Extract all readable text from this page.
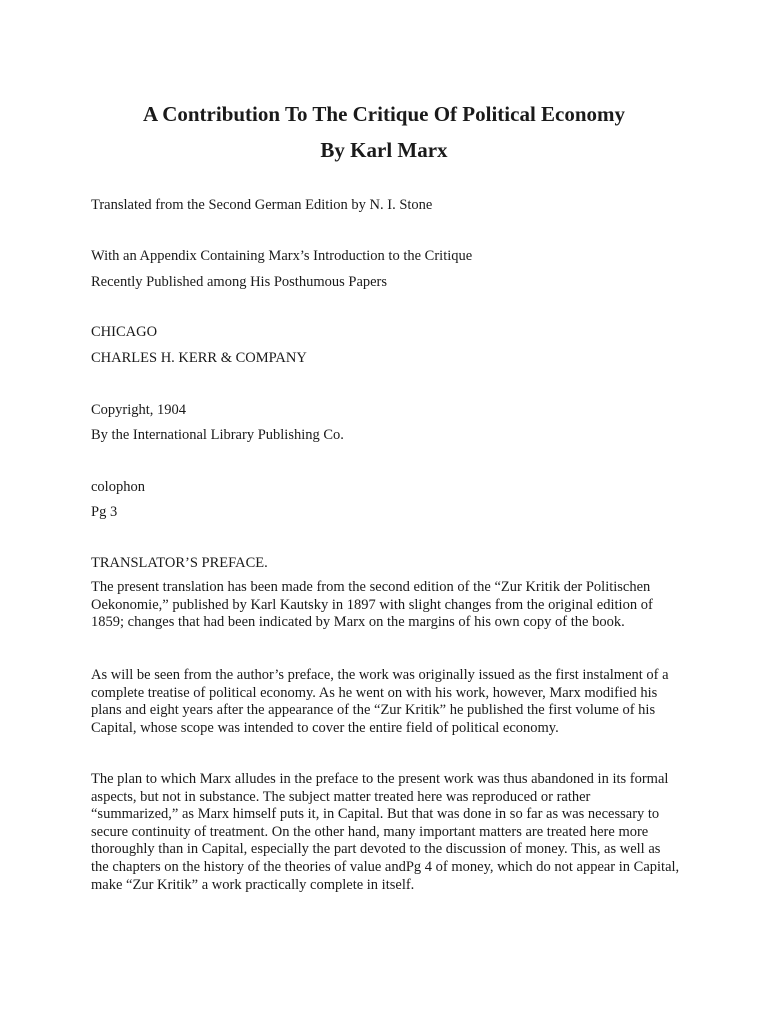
A Contribution To The Critique Of Political Economy
By Karl Marx
Translated from the Second German Edition by N. I. Stone
With an Appendix Containing Marx’s Introduction to the Critique
Recently Published among His Posthumous Papers
CHICAGO
CHARLES H. KERR & COMPANY
Copyright, 1904
By the International Library Publishing Co.
colophon
Pg 3
TRANSLATOR’S PREFACE.
The present translation has been made from the second edition of the “Zur Kritik der Politischen Oekonomie,” published by Karl Kautsky in 1897 with slight changes from the original edition of 1859; changes that had been indicated by Marx on the margins of his own copy of the book.
As will be seen from the author’s preface, the work was originally issued as the first instalment of a complete treatise of political economy. As he went on with his work, however, Marx modified his plans and eight years after the appearance of the “Zur Kritik” he published the first volume of his Capital, whose scope was intended to cover the entire field of political economy.
The plan to which Marx alludes in the preface to the present work was thus abandoned in its formal aspects, but not in substance. The subject matter treated here was reproduced or rather “summarized,” as Marx himself puts it, in Capital. But that was done in so far as was necessary to secure continuity of treatment. On the other hand, many important matters are treated here more thoroughly than in Capital, especially the part devoted to the discussion of money. This, as well as the chapters on the history of the theories of value andPg 4 of money, which do not appear in Capital, make “Zur Kritik” a work practically complete in itself.
